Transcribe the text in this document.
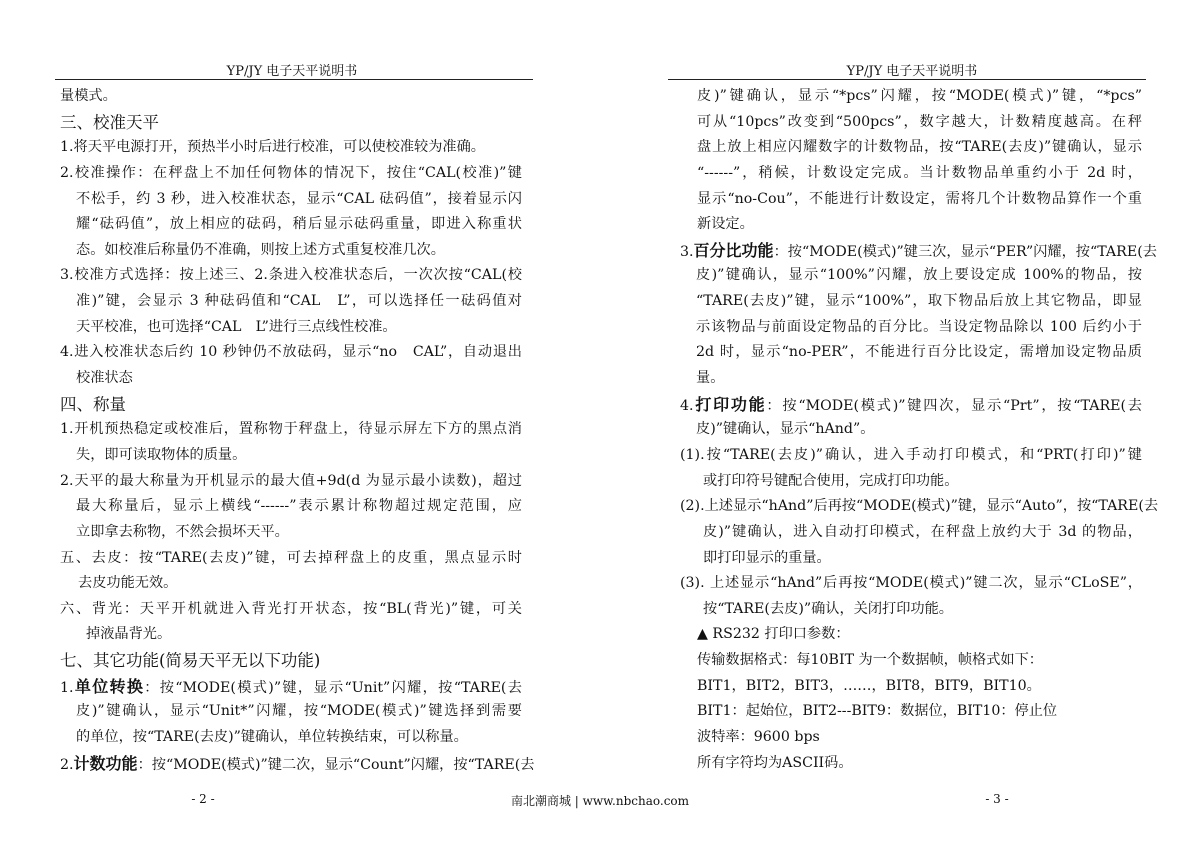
YP/JY 电子天平说明书	YP/JY 电子天平说明书
量模式。
三、校准天平
1.将天平电源打开，预热半小时后进行校准，可以使校准较为准确。
2.校准操作：在秤盘上不加任何物体的情况下，按住“CAL(校准)”键
不松手，约 3 秒，进入校准状态，显示“CAL 砝码值”，接着显示闪
耀“砝码值”，放上相应的砝码，稍后显示砝码重量，即进入称重状
态。如校准后称量仍不准确，则按上述方式重复校准几次。
3.校准方式选择：按上述三、2.条进入校准状态后，一次次按“CAL(校
准)”键，会显示 3 种砝码值和“CAL　L”，可以选择任一砝码值对
天平校准，也可选择“CAL　L”进行三点线性校准。
4.进入校准状态后约 10 秒钟仍不放砝码，显示“no　CAL”，自动退出
校准状态
四、称量
1.开机预热稳定或校准后，置称物于秤盘上，待显示屏左下方的黑点消
失，即可读取物体的质量。
2.天平的最大称量为开机显示的最大值+9d(d 为显示最小读数)，超过
最大称量后，显示上横线“------”表示累计称物超过规定范围，应
立即拿去称物，不然会损坏天平。
五、去皮：按“TARE(去皮)”键，可去掉秤盘上的皮重，黑点显示时
去皮功能无效。
六、背光：天平开机就进入背光打开状态，按“BL(背光)”键，可关
掉液晶背光。
七、其它功能(简易天平无以下功能)
1.单位转换：按“MODE(模式)”键，显示“Unit”闪耀，按“TARE(去
皮)”键确认，显示“Unit*”闪耀，按“MODE(模式)”键选择到需要
的单位，按“TARE(去皮)”键确认，单位转换结束，可以称量。
2.计数功能：按“MODE(模式)”键二次，显示“Count”闪耀，按“TARE(去
皮)”键确认，显示“*pcs”闪耀，按“MODE(模式)”键，“*pcs”
可从“10pcs”改变到“500pcs”，数字越大，计数精度越高。在秤
盘上放上相应闪耀数字的计数物品，按“TARE(去皮)”键确认，显示
“------”，稍候，计数设定完成。当计数物品单重约小于 2d 时，
显示“no-Cou”，不能进行计数设定，需将几个计数物品算作一个重
新设定。
3.百分比功能：按“MODE(模式)”键三次，显示“PER”闪耀，按“TARE(去
皮)”键确认，显示“100%”闪耀，放上要设定成 100%的物品，按
“TARE(去皮)”键，显示“100%”，取下物品后放上其它物品，即显
示该物品与前面设定物品的百分比。当设定物品除以 100 后约小于
2d 时，显示“no-PER”，不能进行百分比设定，需增加设定物品质
量。
4.打印功能：按“MODE(模式)”键四次，显示“Prt”，按“TARE(去
皮)”键确认，显示“hAnd”。
(1).按“TARE(去皮)”确认，进入手动打印模式，和“PRT(打印)”键
或打印符号键配合使用，完成打印功能。
(2).上述显示“hAnd”后再按“MODE(模式)”键，显示“Auto”，按“TARE(去
皮)”键确认，进入自动打印模式，在秤盘上放约大于 3d 的物品，
即打印显示的重量。
(3). 上述显示“hAnd”后再按“MODE(模式)”键二次，显示“CLoSE”，
按“TARE(去皮)”确认，关闭打印功能。
▲ RS232 打印口参数：
传输数据格式：每10BIT 为一个数据帧，帧格式如下：
BIT1，BIT2，BIT3，……，BIT8，BIT9，BIT10。
BIT1：起始位，BIT2---BIT9：数据位，BIT10：停止位
波特率：9600 bps
所有字符均为ASCII码。
- 2 -	南北潮商城 | www.nbchao.com	- 3 -
